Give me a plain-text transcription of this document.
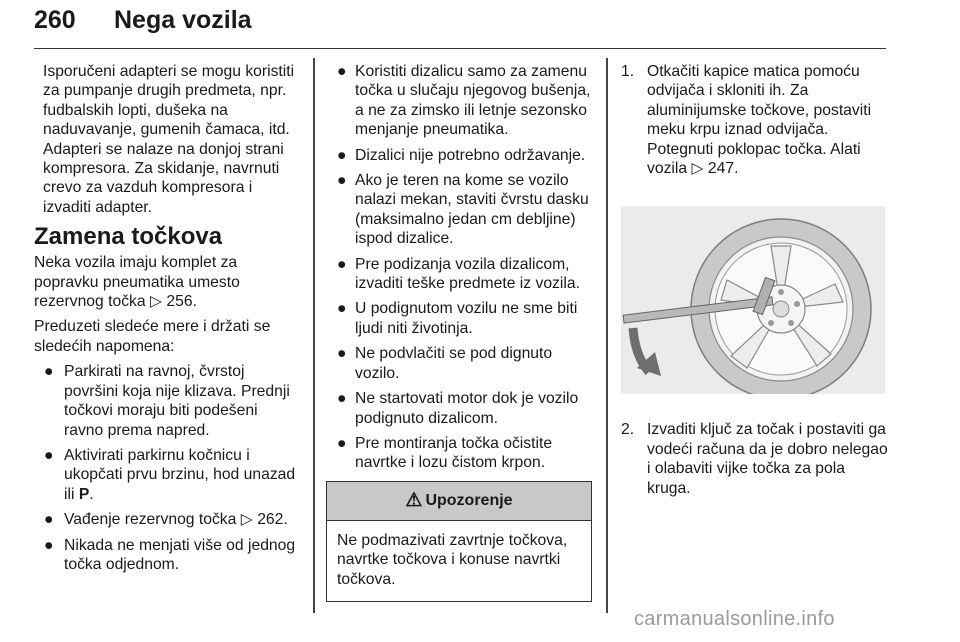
260 Nega vozila

Isporučeni adapteri se mogu koristiti za pumpanje drugih predmeta, npr. fudbalskih lopti, dušeka na naduvavanje, gumenih čamaca, itd. Adapteri se nalaze na donjoj strani kompresora. Za skidanje, navrnuti crevo za vazduh kompresora i izvaditi adapter.

Zamena točkova

Neka vozila imaju komplet za popravku pneumatika umesto rezervnog točka ▷ 256.

Preduzeti sledeće mere i držati se sledećih napomena:

● Parkirati na ravnoj, čvrstoj površini koja nije klizava. Prednji točkovi moraju biti podešeni ravno prema napred.
● Aktivirati parkirnu kočnicu i ukopčati prvu brzinu, hod unazad ili P.
● Vađenje rezervnog točka ▷ 262.
● Nikada ne menjati više od jednog točka odjednom.
● Koristiti dizalicu samo za zamenu točka u slučaju njegovog bušenja, a ne za zimsko ili letnje sezonsko menjanje pneumatika.
● Dizalici nije potrebno održavanje.
● Ako je teren na kome se vozilo nalazi mekan, staviti čvrstu dasku (maksimalno jedan cm debljine) ispod dizalice.
● Pre podizanja vozila dizalicom, izvaditi teške predmete iz vozila.
● U podignutom vozilu ne sme biti ljudi niti životinja.
● Ne podvlačiti se pod dignuto vozilo.
● Ne startovati motor dok je vozilo podignuto dizalicom.
● Pre montiranja točka očistite navrtke i lozu čistom krpon.
⚠ Upozorenje
Ne podmazivati zavrtnje točkova, navrtke točkova i konuse navrtki točkova.
1. Otkačiti kapice matica pomoću odvijača i skloniti ih. Za aluminijumske točkove, postaviti meku krpu iznad odvijača. Potegnuti poklopac točka. Alati vozila ▷ 247.
2. Izvaditi ključ za točak i postaviti ga vodeći računa da je dobro nelegao i olabaviti vijke točka za pola kruga.
carmanualsonline.info
